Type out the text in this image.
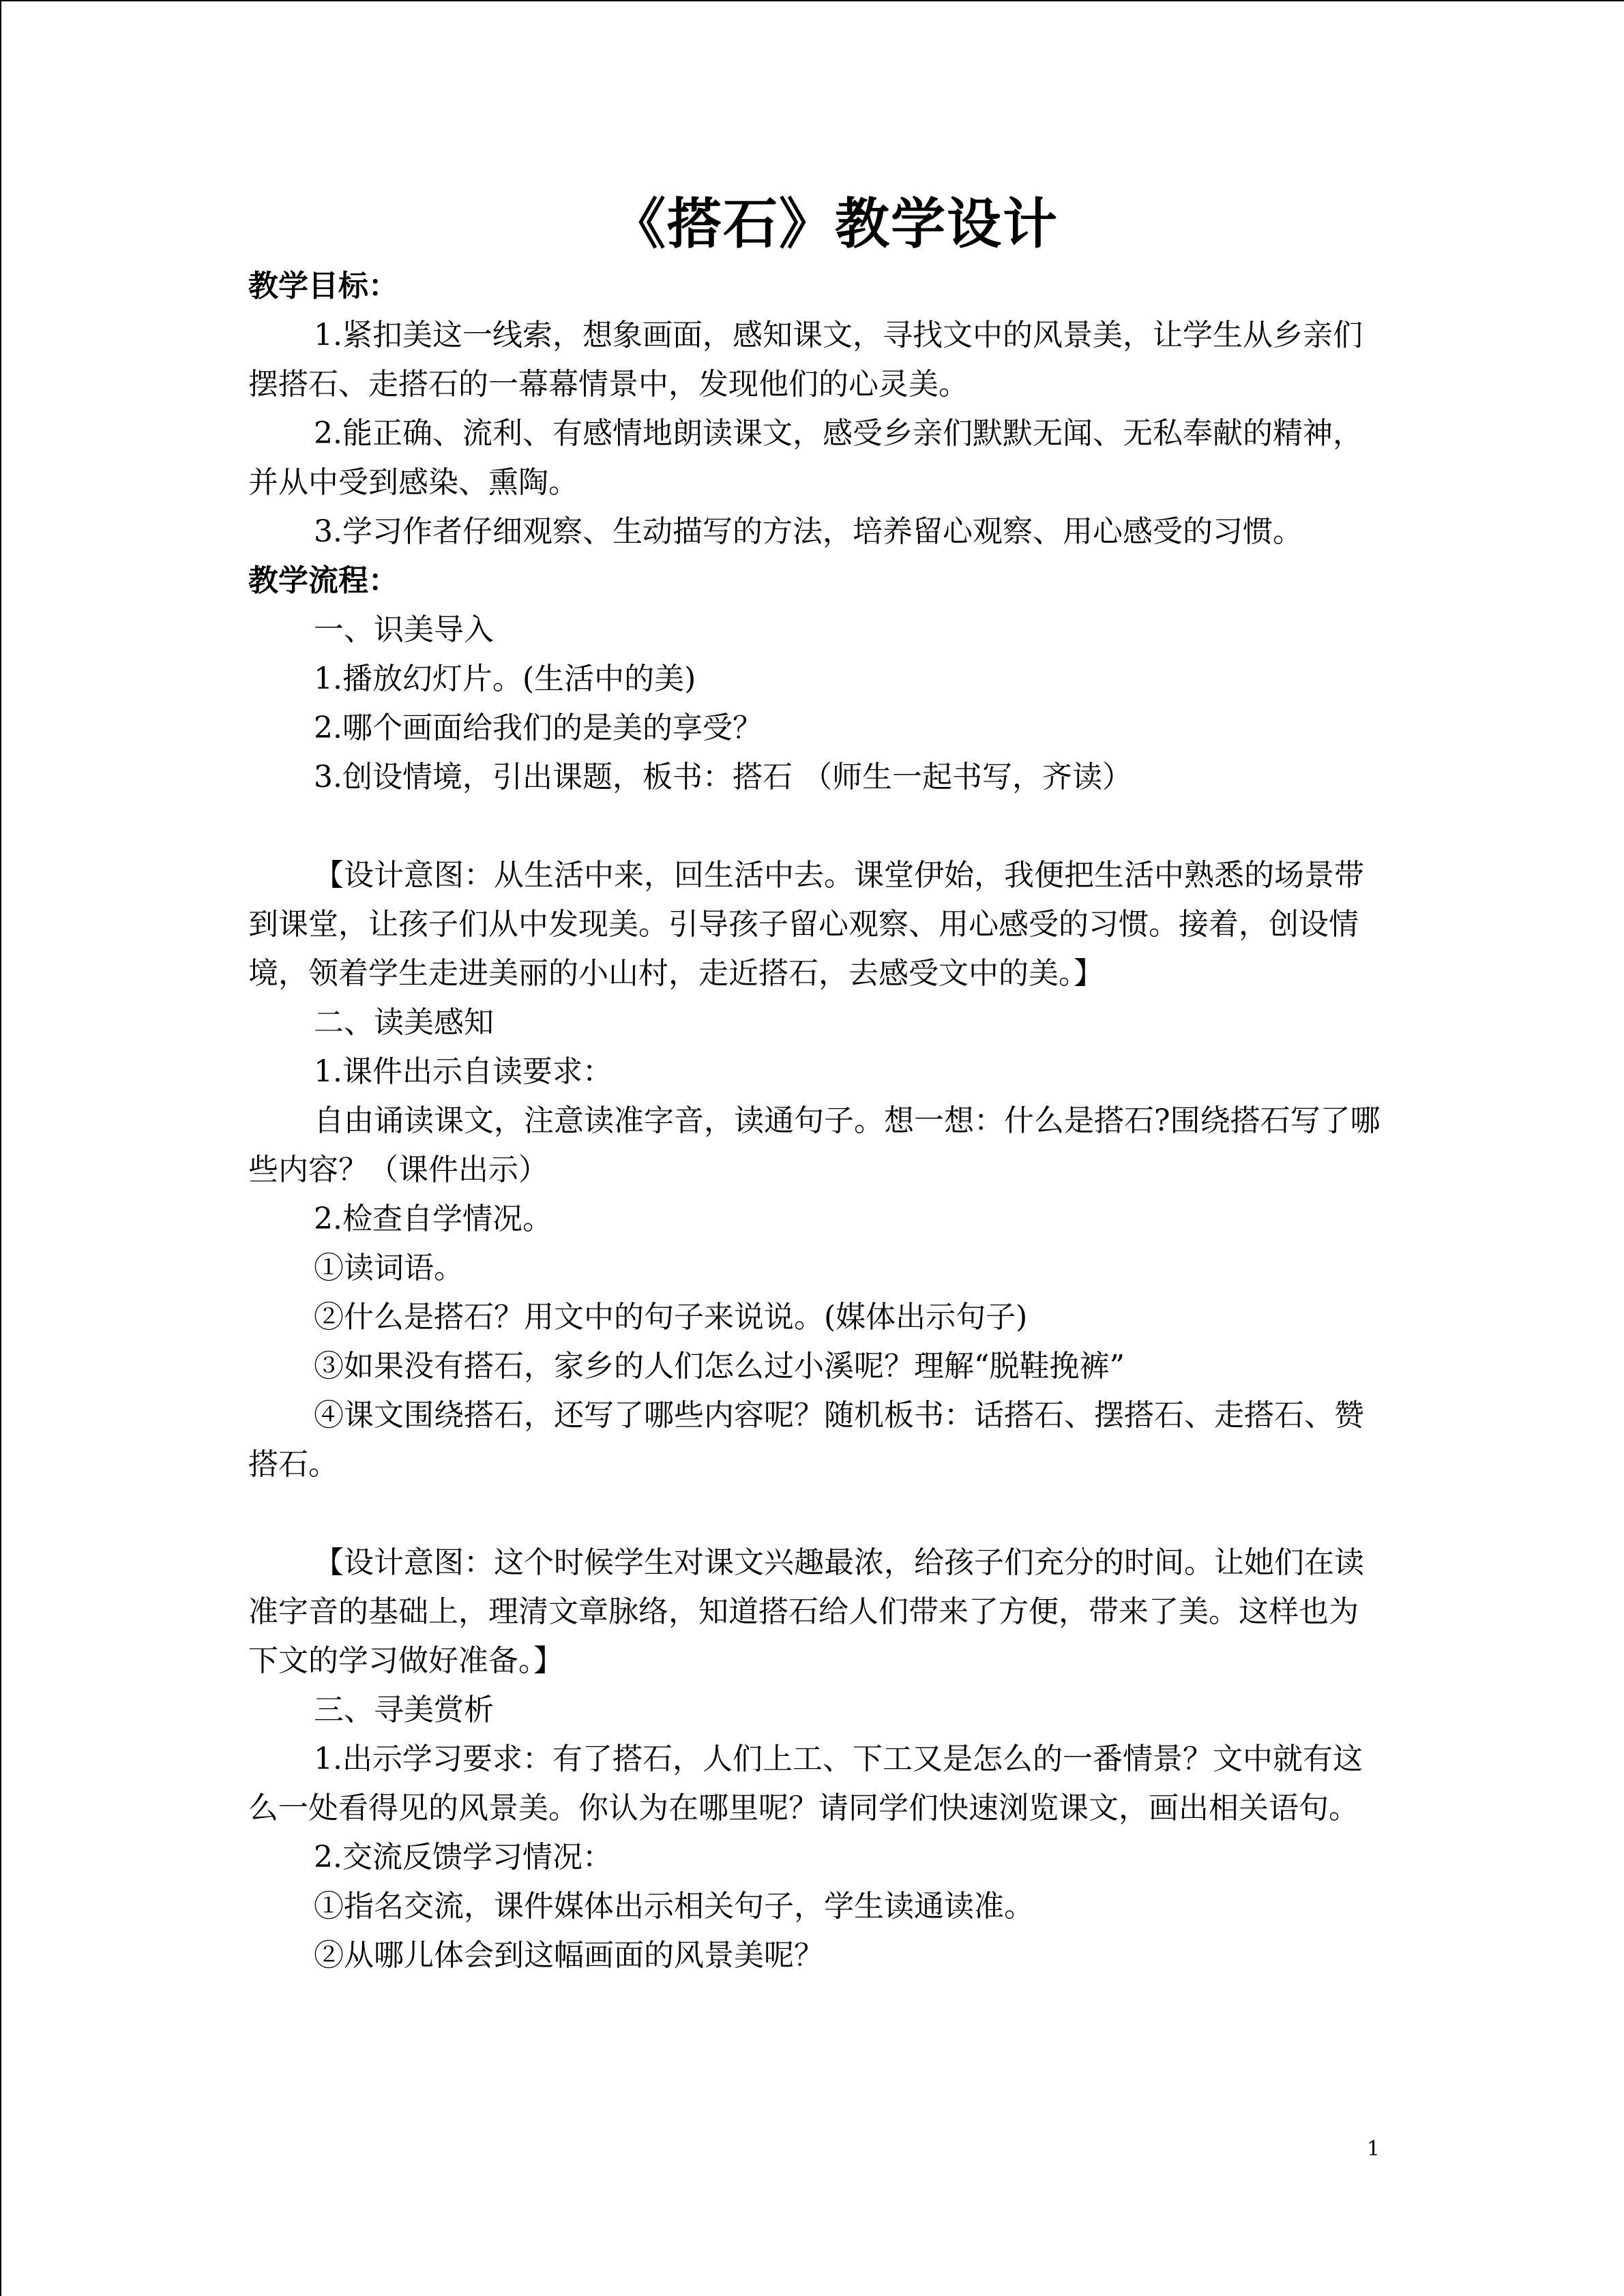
《搭石》教学设计
教学目标：

1.紧扣美这一线索，想象画面，感知课文，寻找文中的风景美，让学生从乡亲们摆搭石、走搭石的一幕幕情景中，发现他们的心灵美。

2.能正确、流利、有感情地朗读课文，感受乡亲们默默无闻、无私奉献的精神，并从中受到感染、熏陶。

3.学习作者仔细观察、生动描写的方法，培养留心观察、用心感受的习惯。

教学流程：

一、识美导入

1.播放幻灯片。(生活中的美)

2.哪个画面给我们的是美的享受？

3.创设情境，引出课题，板书：搭石 （师生一起书写，齐读）

【设计意图：从生活中来，回生活中去。课堂伊始，我便把生活中熟悉的场景带到课堂，让孩子们从中发现美。引导孩子留心观察、用心感受的习惯。接着，创设情境，领着学生走进美丽的小山村，走近搭石，去感受文中的美。】

二、读美感知

1.课件出示自读要求：

自由诵读课文，注意读准字音，读通句子。想一想：什么是搭石?围绕搭石写了哪些内容？（课件出示）

2.检查自学情况。

①读词语。

②什么是搭石？用文中的句子来说说。(媒体出示句子)

③如果没有搭石，家乡的人们怎么过小溪呢？理解“脱鞋挽裤”

④课文围绕搭石，还写了哪些内容呢？随机板书：话搭石、摆搭石、走搭石、赞搭石。

【设计意图：这个时候学生对课文兴趣最浓，给孩子们充分的时间。让她们在读准字音的基础上，理清文章脉络，知道搭石给人们带来了方便，带来了美。这样也为下文的学习做好准备。】

三、寻美赏析

1.出示学习要求：有了搭石，人们上工、下工又是怎么的一番情景？文中就有这么一处看得见的风景美。你认为在哪里呢？请同学们快速浏览课文，画出相关语句。

2.交流反馈学习情况：

①指名交流，课件媒体出示相关句子，学生读通读准。

②从哪儿体会到这幅画面的风景美呢？

1
